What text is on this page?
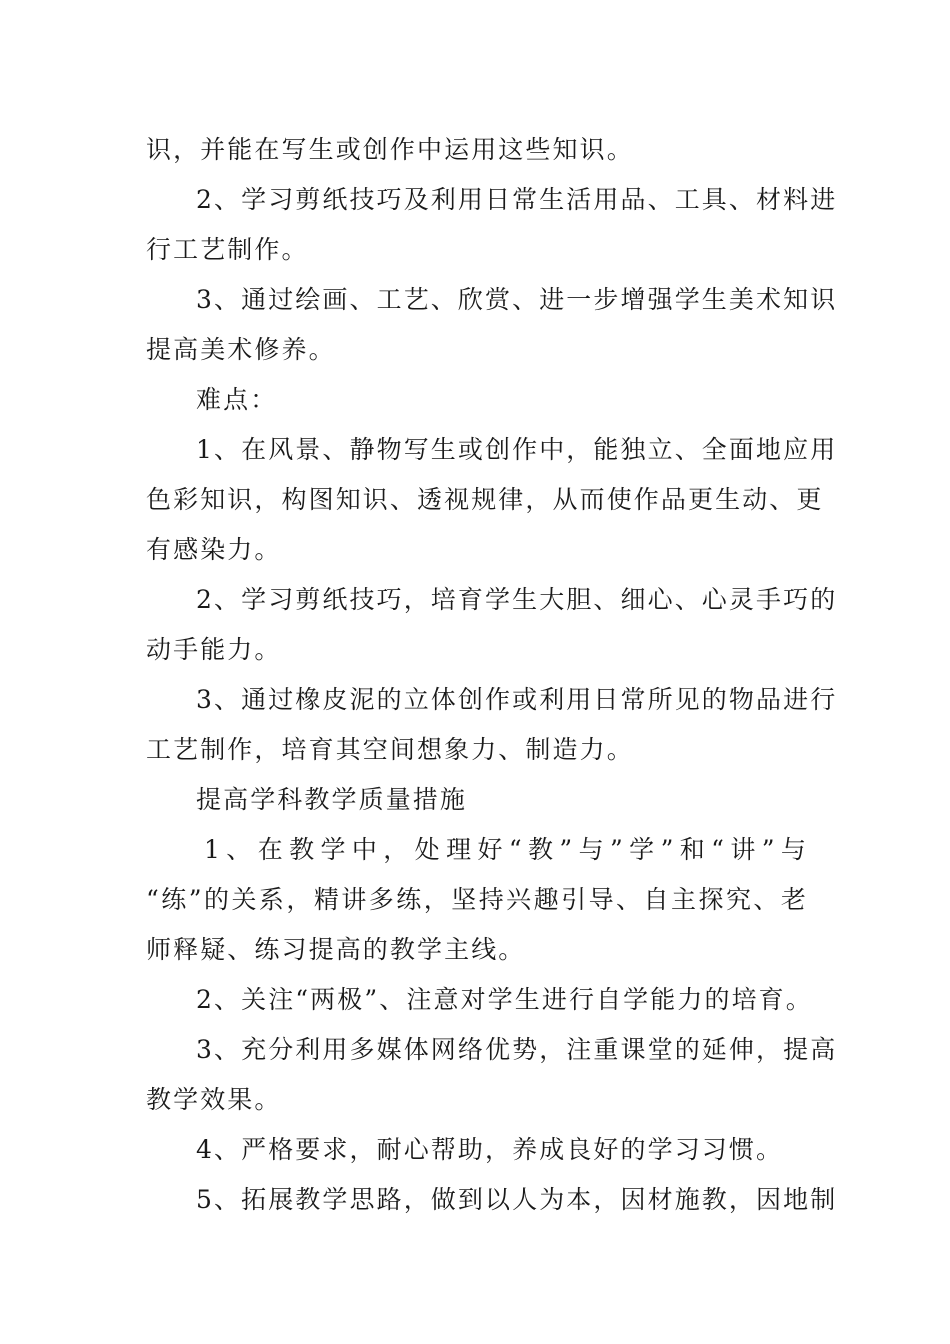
识，并能在写生或创作中运用这些知识。
2、学习剪纸技巧及利用日常生活用品、工具、材料进
行工艺制作。
3、通过绘画、工艺、欣赏、进一步增强学生美术知识
提高美术修养。
难点：
1、在风景、静物写生或创作中，能独立、全面地应用
色彩知识，构图知识、透视规律，从而使作品更生动、更
有感染力。
2、学习剪纸技巧，培育学生大胆、细心、心灵手巧的
动手能力。
3、通过橡皮泥的立体创作或利用日常所见的物品进行
工艺制作，培育其空间想象力、制造力。
提高学科教学质量措施
1、在教学中，处理好“教”与”学”和“讲”与
“练”的关系，精讲多练，坚持兴趣引导、自主探究、老
师释疑、练习提高的教学主线。
2、关注“两极”、注意对学生进行自学能力的培育。
3、充分利用多媒体网络优势，注重课堂的延伸，提高
教学效果。
4、严格要求，耐心帮助，养成良好的学习习惯。
5、拓展教学思路，做到以人为本，因材施教，因地制
